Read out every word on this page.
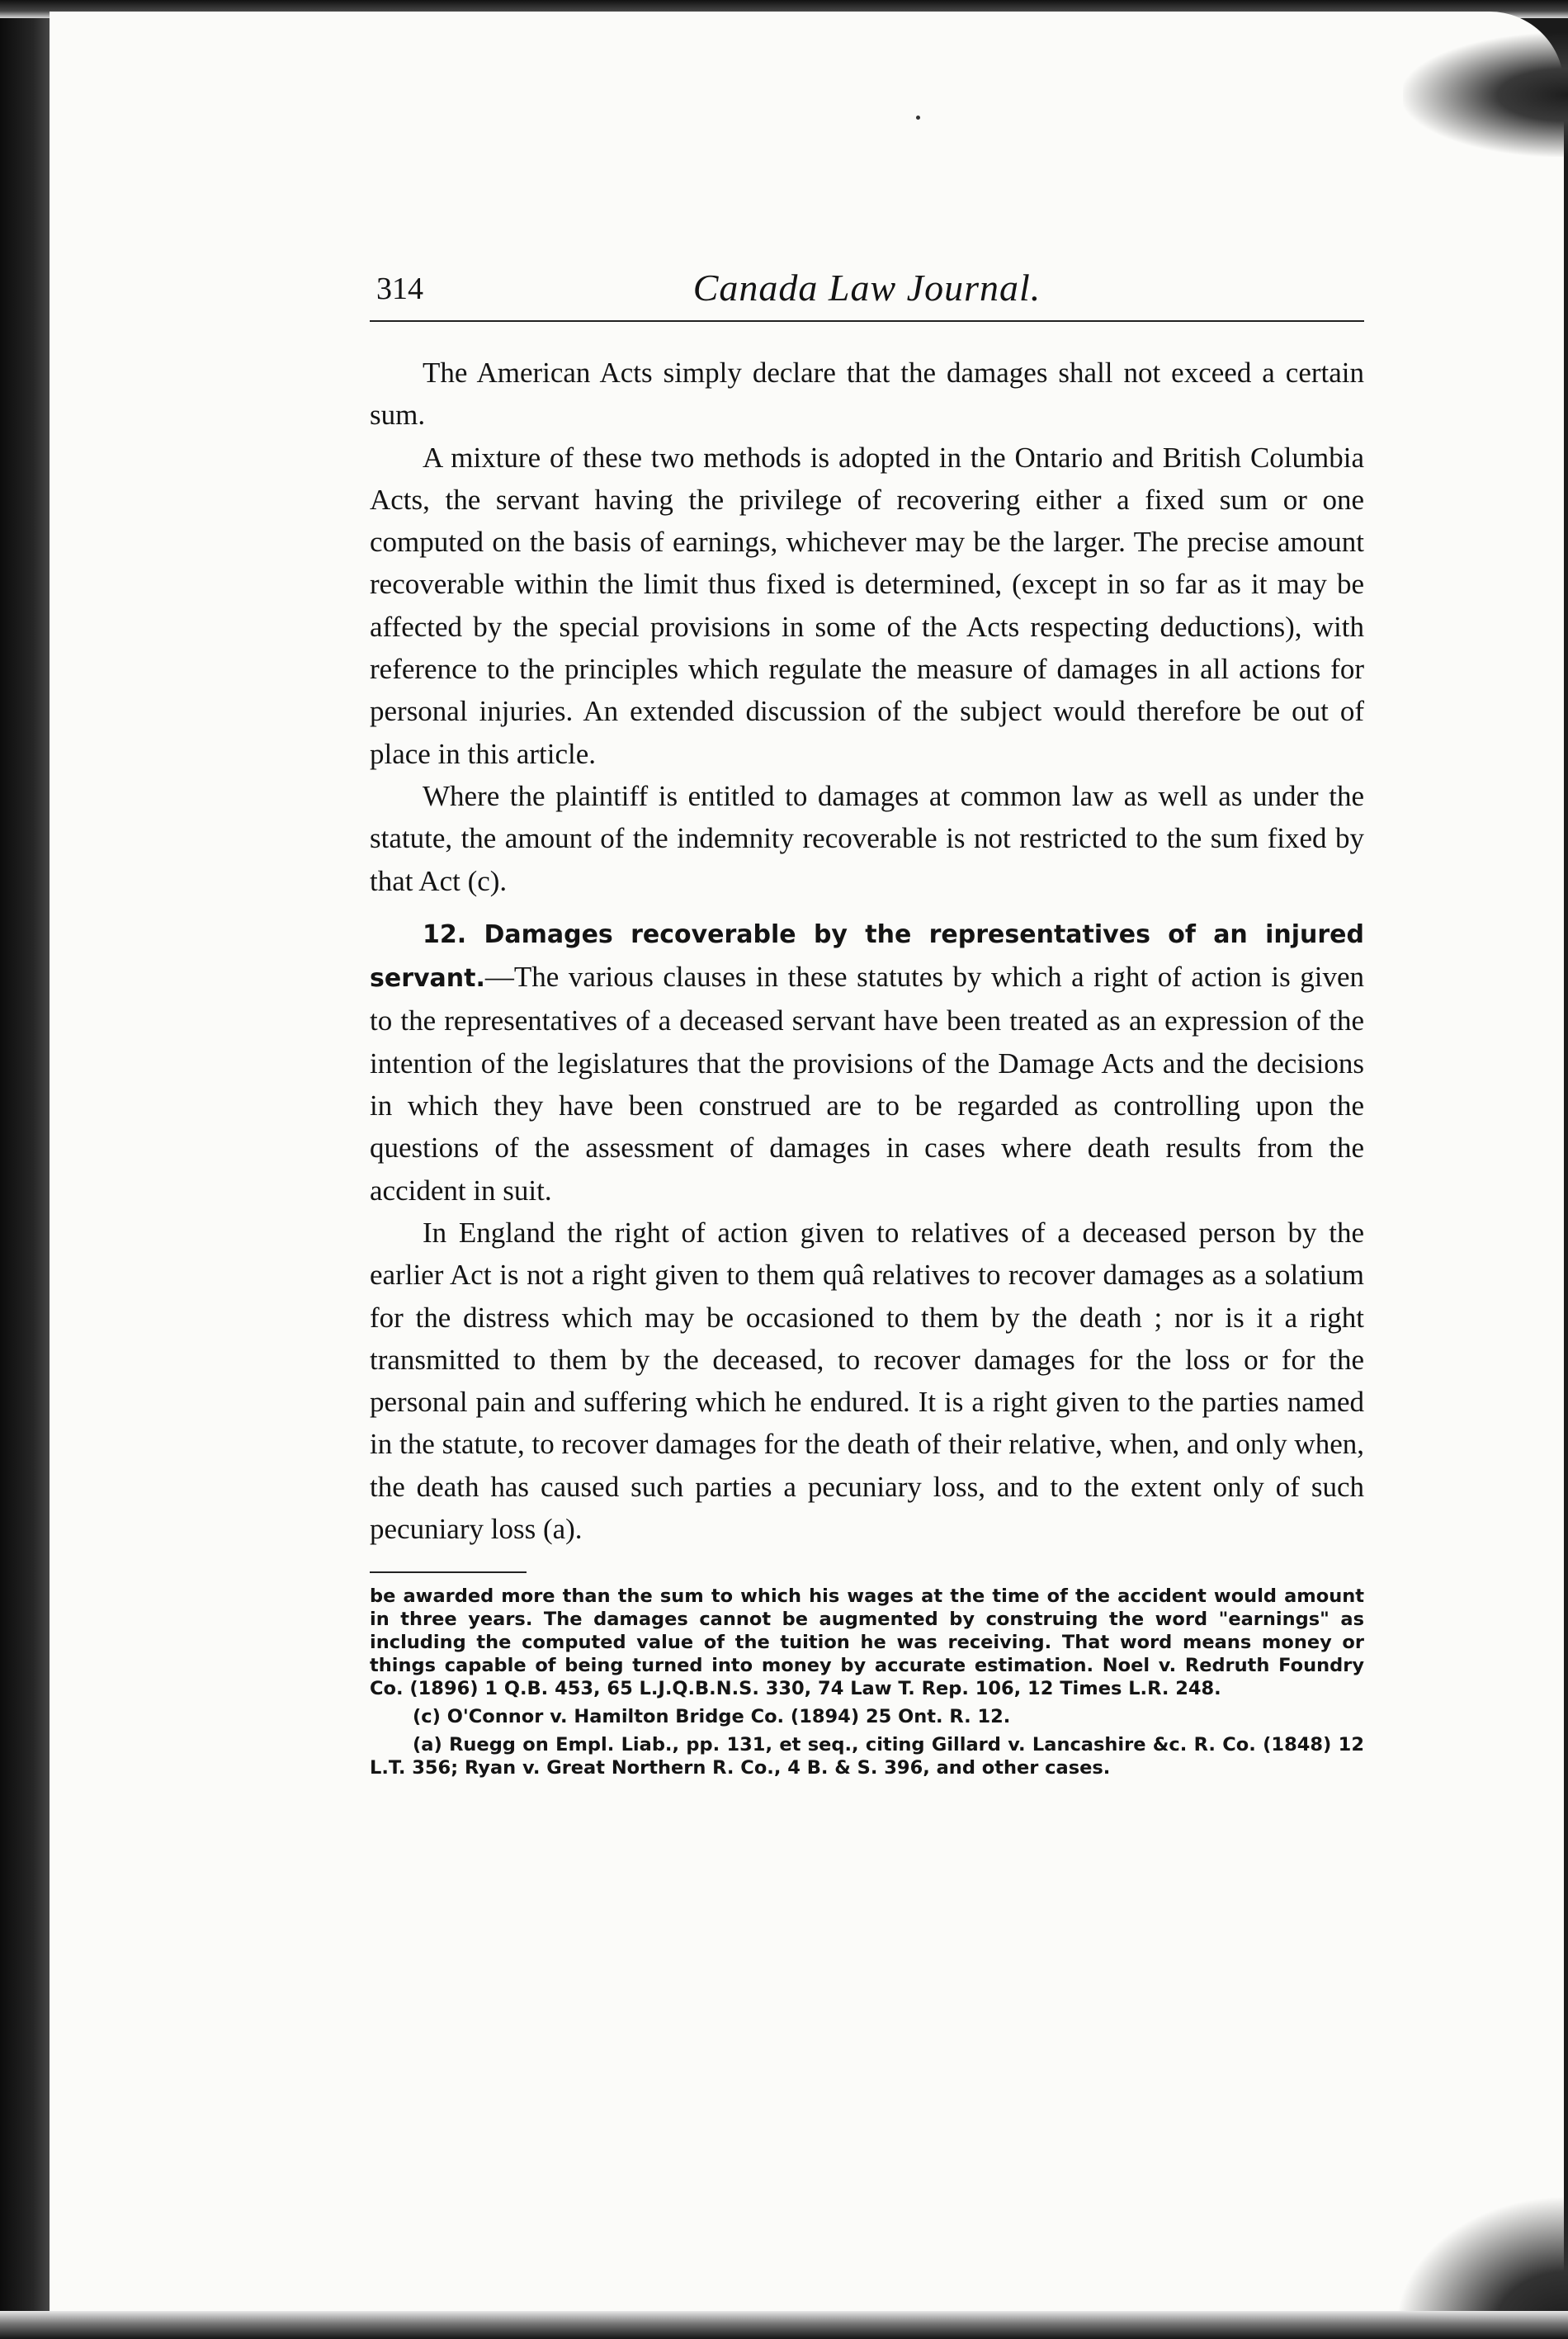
314	Canada Law Journal.

The American Acts simply declare that the damages shall not exceed a certain sum.

A mixture of these two methods is adopted in the Ontario and British Columbia Acts, the servant having the privilege of recovering either a fixed sum or one computed on the basis of earnings, whichever may be the larger. The precise amount recoverable within the limit thus fixed is determined, (except in so far as it may be affected by the special provisions in some of the Acts respecting deductions), with reference to the principles which regulate the measure of damages in all actions for personal injuries. An extended discussion of the subject would therefore be out of place in this article.

Where the plaintiff is entitled to damages at common law as well as under the statute, the amount of the indemnity recoverable is not restricted to the sum fixed by that Act (c).

12. Damages recoverable by the representatives of an injured servant.—The various clauses in these statutes by which a right of action is given to the representatives of a deceased servant have been treated as an expression of the intention of the legislatures that the provisions of the Damage Acts and the decisions in which they have been construed are to be regarded as controlling upon the questions of the assessment of damages in cases where death results from the accident in suit.

In England the right of action given to relatives of a deceased person by the earlier Act is not a right given to them quâ relatives to recover damages as a solatium for the distress which may be occasioned to them by the death ; nor is it a right transmitted to them by the deceased, to recover damages for the loss or for the personal pain and suffering which he endured. It is a right given to the parties named in the statute, to recover damages for the death of their relative, when, and only when, the death has caused such parties a pecuniary loss, and to the extent only of such pecuniary loss (a).

be awarded more than the sum to which his wages at the time of the accident would amount in three years. The damages cannot be augmented by construing the word "earnings" as including the computed value of the tuition he was receiving. That word means money or things capable of being turned into money by accurate estimation. Noel v. Redruth Foundry Co. (1896) 1 Q.B. 453, 65 L.J.Q.B.N.S. 330, 74 Law T. Rep. 106, 12 Times L.R. 248.

(c) O'Connor v. Hamilton Bridge Co. (1894) 25 Ont. R. 12.

(a) Ruegg on Empl. Liab., pp. 131, et seq., citing Gillard v. Lancashire &c. R. Co. (1848) 12 L.T. 356; Ryan v. Great Northern R. Co., 4 B. & S. 396, and other cases.
